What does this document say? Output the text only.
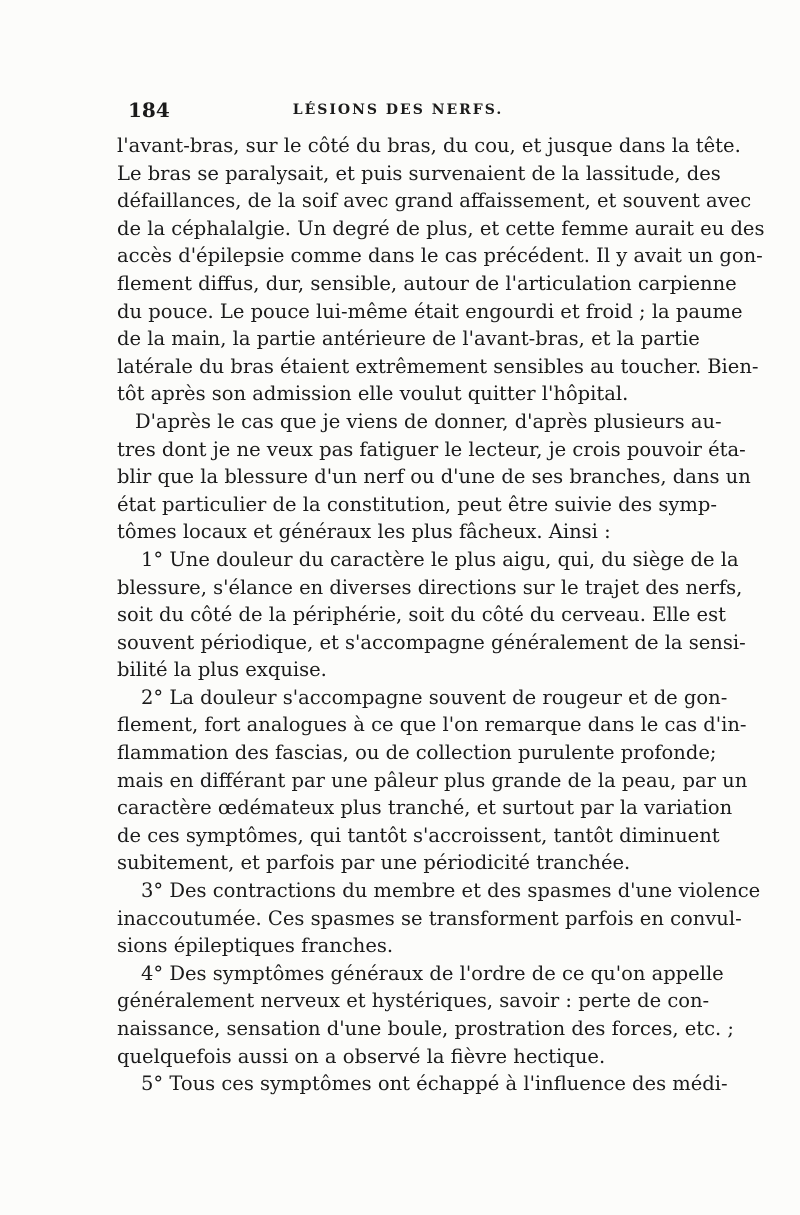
184	LÉSIONS DES NERFS.
l'avant-bras, sur le côté du bras, du cou, et jusque dans la tête.
Le bras se paralysait, et puis survenaient de la lassitude, des
défaillances, de la soif avec grand affaissement, et souvent avec
de la céphalalgie. Un degré de plus, et cette femme aurait eu des
accès d'épilepsie comme dans le cas précédent. Il y avait un gon-
flement diffus, dur, sensible, autour de l'articulation carpienne
du pouce. Le pouce lui-même était engourdi et froid ; la paume
de la main, la partie antérieure de l'avant-bras, et la partie
latérale du bras étaient extrêmement sensibles au toucher. Bien-
tôt après son admission elle voulut quitter l'hôpital.
D'après le cas que je viens de donner, d'après plusieurs au-
tres dont je ne veux pas fatiguer le lecteur, je crois pouvoir éta-
blir que la blessure d'un nerf ou d'une de ses branches, dans un
état particulier de la constitution, peut être suivie des symp-
tômes locaux et généraux les plus fâcheux. Ainsi :
1° Une douleur du caractère le plus aigu, qui, du siège de la
blessure, s'élance en diverses directions sur le trajet des nerfs,
soit du côté de la périphérie, soit du côté du cerveau. Elle est
souvent périodique, et s'accompagne généralement de la sensi-
bilité la plus exquise.
2° La douleur s'accompagne souvent de rougeur et de gon-
flement, fort analogues à ce que l'on remarque dans le cas d'in-
flammation des fascias, ou de collection purulente profonde;
mais en différant par une pâleur plus grande de la peau, par un
caractère œdémateux plus tranché, et surtout par la variation
de ces symptômes, qui tantôt s'accroissent, tantôt diminuent
subitement, et parfois par une périodicité tranchée.
3° Des contractions du membre et des spasmes d'une violence
inaccoutumée. Ces spasmes se transforment parfois en convul-
sions épileptiques franches.
4° Des symptômes généraux de l'ordre de ce qu'on appelle
généralement nerveux et hystériques, savoir : perte de con-
naissance, sensation d'une boule, prostration des forces, etc. ;
quelquefois aussi on a observé la fièvre hectique.
5° Tous ces symptômes ont échappé à l'influence des médi-
